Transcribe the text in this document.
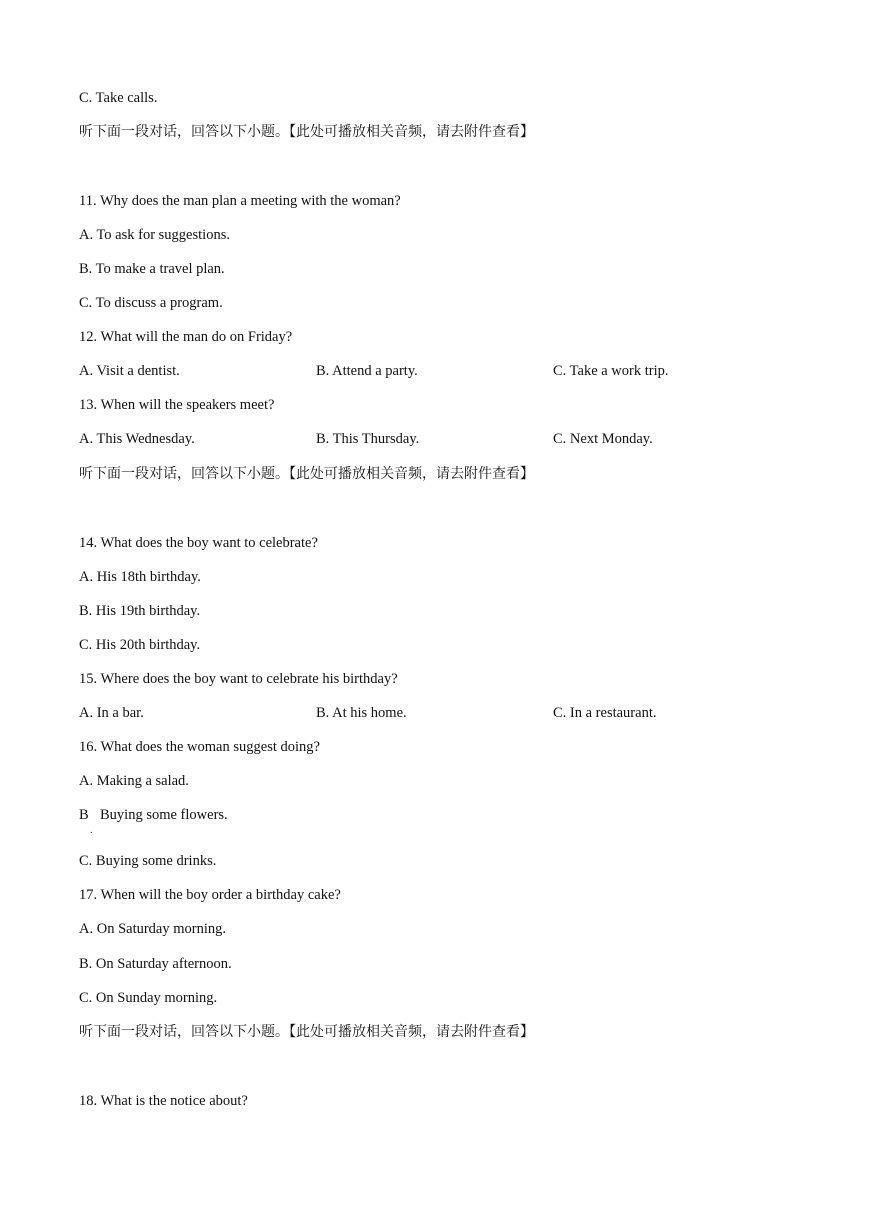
C. Take calls.
听下面一段对话，回答以下小题。【此处可播放相关音频，请去附件查看】
11. Why does the man plan a meeting with the woman?
A. To ask for suggestions.
B. To make a travel plan.
C. To discuss a program.
12. What will the man do on Friday?
A. Visit a dentist.	B. Attend a party.	C. Take a work trip.
13. When will the speakers meet?
A. This Wednesday.	B. This Thursday.	C. Next Monday.
听下面一段对话，回答以下小题。【此处可播放相关音频，请去附件查看】
14. What does the boy want to celebrate?
A. His 18th birthday.
B. His 19th birthday.
C. His 20th birthday.
15. Where does the boy want to celebrate his birthday?
A. In a bar.	B. At his home.	C. In a restaurant.
16. What does the woman suggest doing?
A. Making a salad.
B
.
Buying some flowers.
C. Buying some drinks.
17. When will the boy order a birthday cake?
A. On Saturday morning.
B. On Saturday afternoon.
C. On Sunday morning.
听下面一段对话，回答以下小题。【此处可播放相关音频，请去附件查看】
18. What is the notice about?
